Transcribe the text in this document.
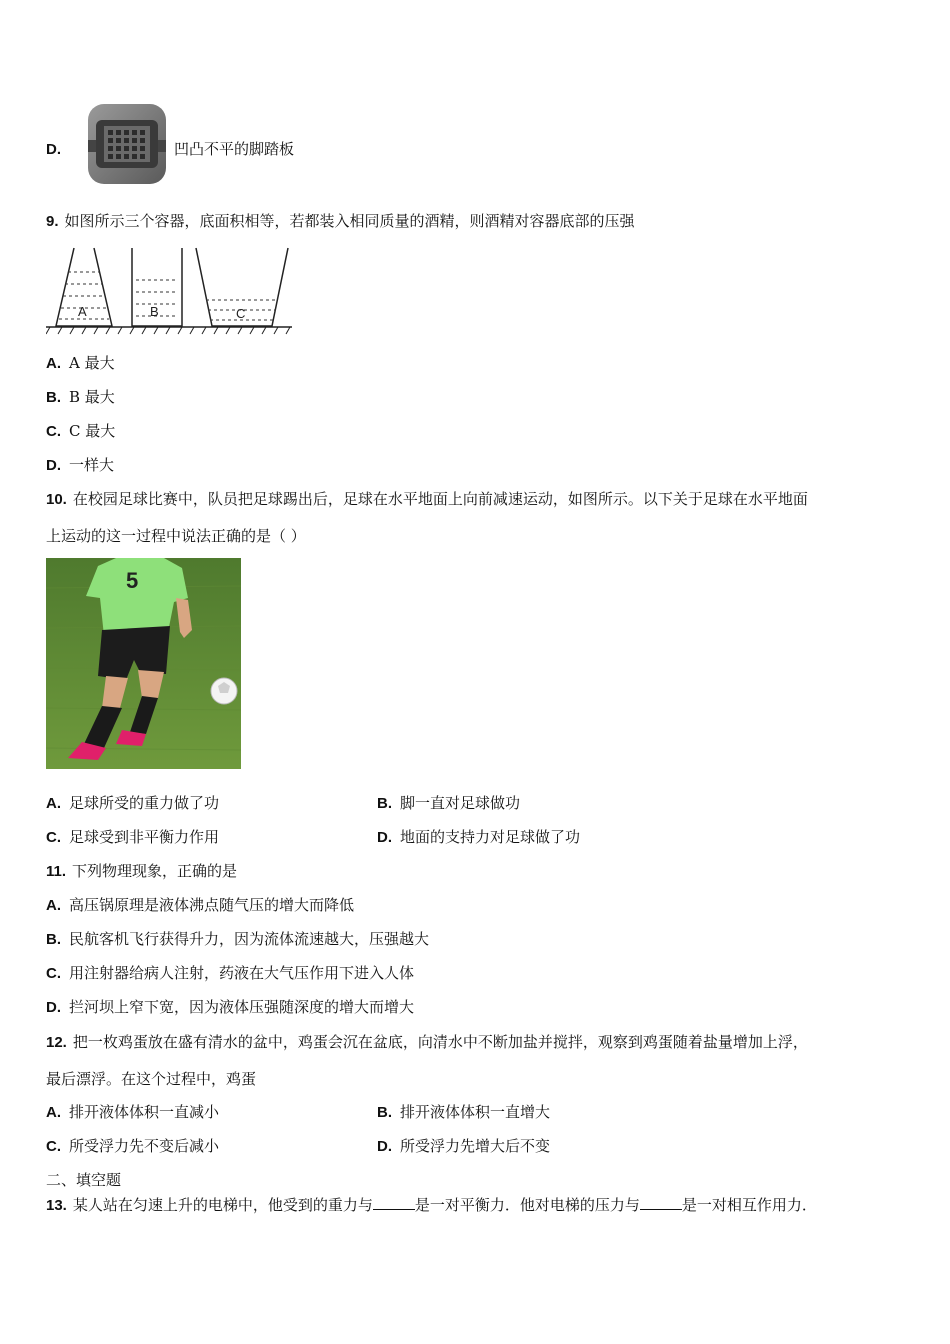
D.	凹凸不平的脚踏板
9. 如图所示三个容器，底面积相等，若都装入相同质量的酒精，则酒精对容器底部的压强
A	B	C
A. A 最大
B. B 最大
C. C 最大
D. 一样大
10. 在校园足球比赛中，队员把足球踢出后，足球在水平地面上向前减速运动，如图所示。以下关于足球在水平地面
上运动的这一过程中说法正确的是（ ）
5
A. 足球所受的重力做了功	B. 脚一直对足球做功
C. 足球受到非平衡力作用	D. 地面的支持力对足球做了功
11. 下列物理现象，正确的是
A. 高压锅原理是液体沸点随气压的增大而降低
B. 民航客机飞行获得升力，因为流体流速越大，压强越大
C. 用注射器给病人注射，药液在大气压作用下进入人体
D. 拦河坝上窄下宽，因为液体压强随深度的增大而增大
12. 把一枚鸡蛋放在盛有清水的盆中，鸡蛋会沉在盆底，向清水中不断加盐并搅拌，观察到鸡蛋随着盐量增加上浮，
最后漂浮。在这个过程中，鸡蛋
A. 排开液体体积一直减小	B. 排开液体体积一直增大
C. 所受浮力先不变后减小	D. 所受浮力先增大后不变
二、填空题
13. 某人站在匀速上升的电梯中，他受到的重力与	是一对平衡力．他对电梯的压力与	是一对相互作用力．
